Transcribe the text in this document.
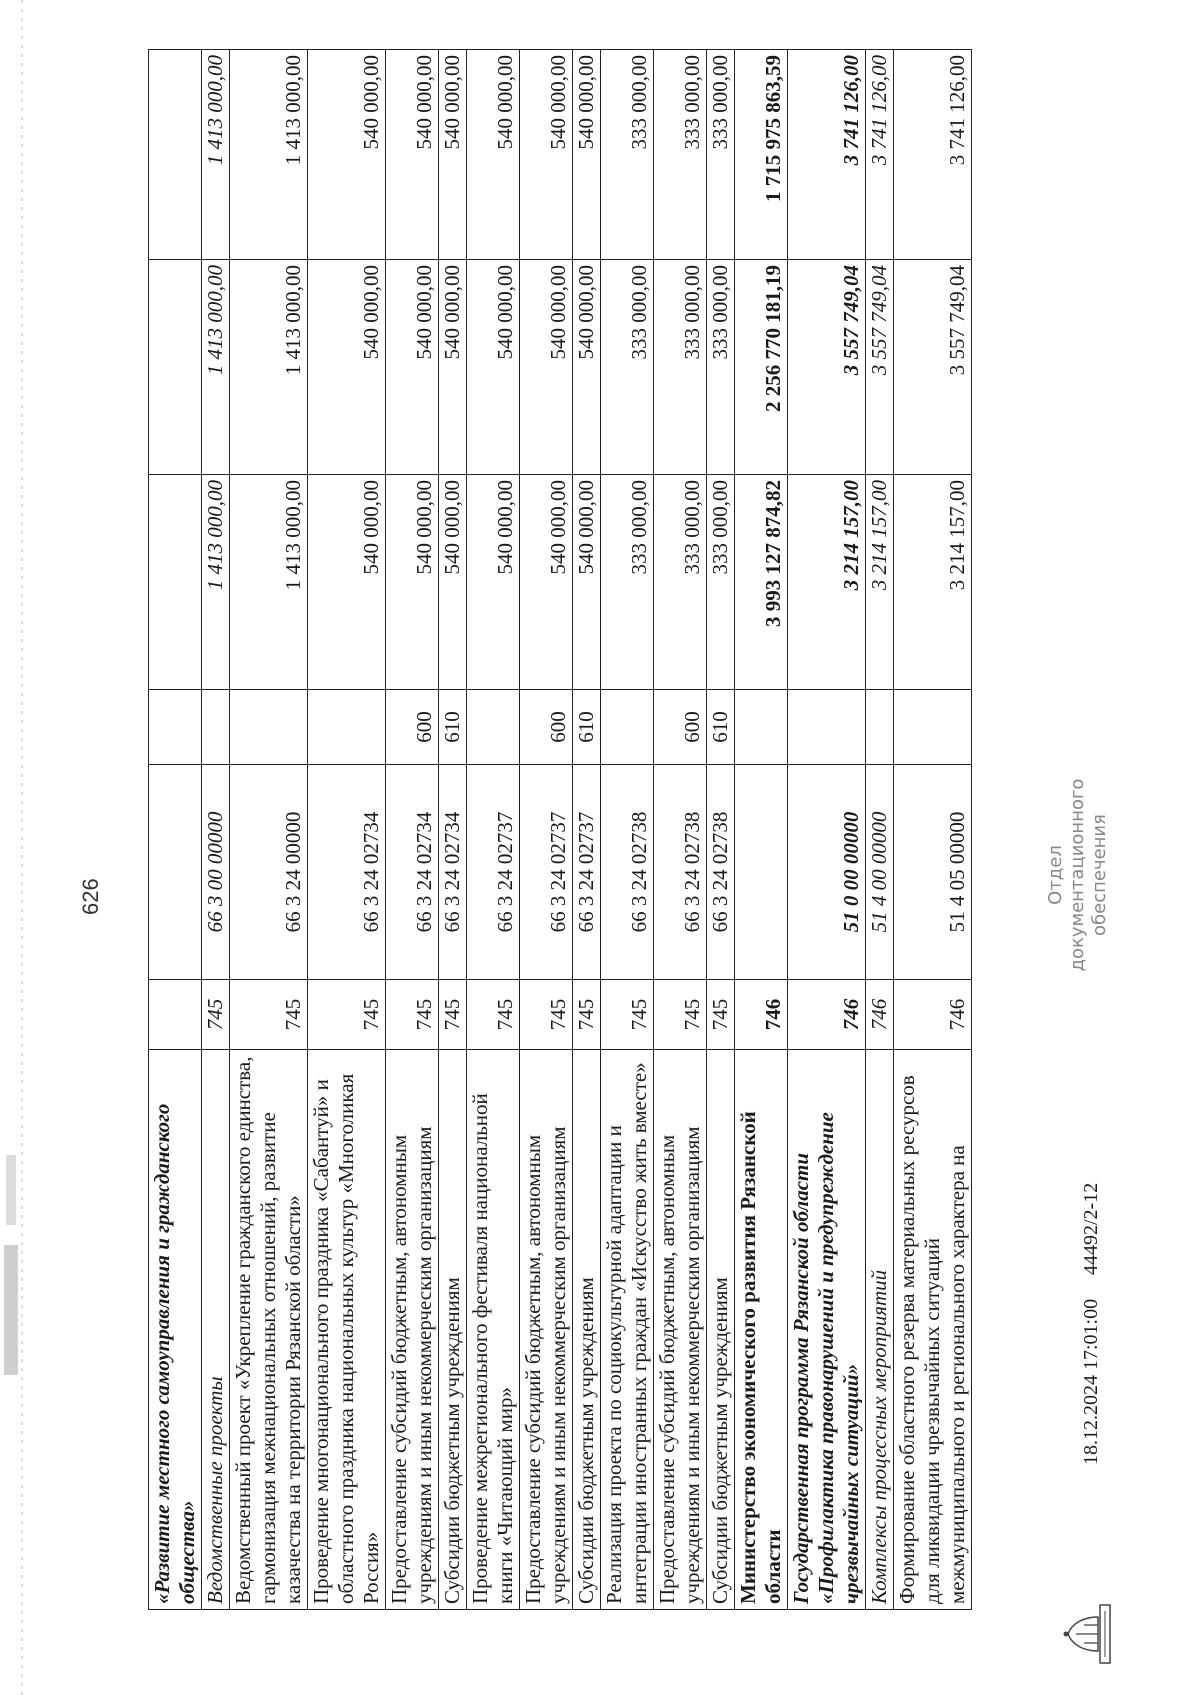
626
«Развитие местного самоуправления и гражданского обществa»						
Ведомственные проекты	745	66 3 00 00000		1 413 000,00	1 413 000,00	1 413 000,00
Ведомственный проект «Укрепление гражданского единства, гармонизация межнациональных отношений, развитие казачества на территории Рязанской области»	745	66 3 24 00000		1 413 000,00	1 413 000,00	1 413 000,00
Проведение многонационального праздника «Сабантуй» и областного праздника национальных культур «Многоликая Россия»	745	66 3 24 02734		540 000,00	540 000,00	540 000,00
Предоставление субсидий бюджетным, автономным учреждениям и иным некоммерческим организациям	745	66 3 24 02734	600	540 000,00	540 000,00	540 000,00
Субсидии бюджетным учреждениям	745	66 3 24 02734	610	540 000,00	540 000,00	540 000,00
Проведение межрегионального фестиваля национальной книги «Читающий мир»	745	66 3 24 02737		540 000,00	540 000,00	540 000,00
Предоставление субсидий бюджетным, автономным учреждениям и иным некоммерческим организациям	745	66 3 24 02737	600	540 000,00	540 000,00	540 000,00
Субсидии бюджетным учреждениям	745	66 3 24 02737	610	540 000,00	540 000,00	540 000,00
Реализация проекта по социокультурной адаптации и интеграции иностранных граждан «Искусство жить вместе»	745	66 3 24 02738		333 000,00	333 000,00	333 000,00
Предоставление субсидий бюджетным, автономным учреждениям и иным некоммерческим организациям	745	66 3 24 02738	600	333 000,00	333 000,00	333 000,00
Субсидии бюджетным учреждениям	745	66 3 24 02738	610	333 000,00	333 000,00	333 000,00
Министерство экономического развития Рязанской области	746			3 993 127 874,82	2 256 770 181,19	1 715 975 863,59
Государственная программа Рязанской области «Профилактика правонарушений и предупреждение чрезвычайных ситуаций»	746	51 0 00 00000		3 214 157,00	3 557 749,04	3 741 126,00
Комплексы процессных мероприятий	746	51 4 00 00000		3 214 157,00	3 557 749,04	3 741 126,00
Формирование областного резерва материальных ресурсов для ликвидации чрезвычайных ситуаций межмуниципального и регионального характера на	746	51 4 05 00000		3 214 157,00	3 557 749,04	3 741 126,00
18.12.2024 17:01:00
44492/2-12
Отдел документационного обеспечения
